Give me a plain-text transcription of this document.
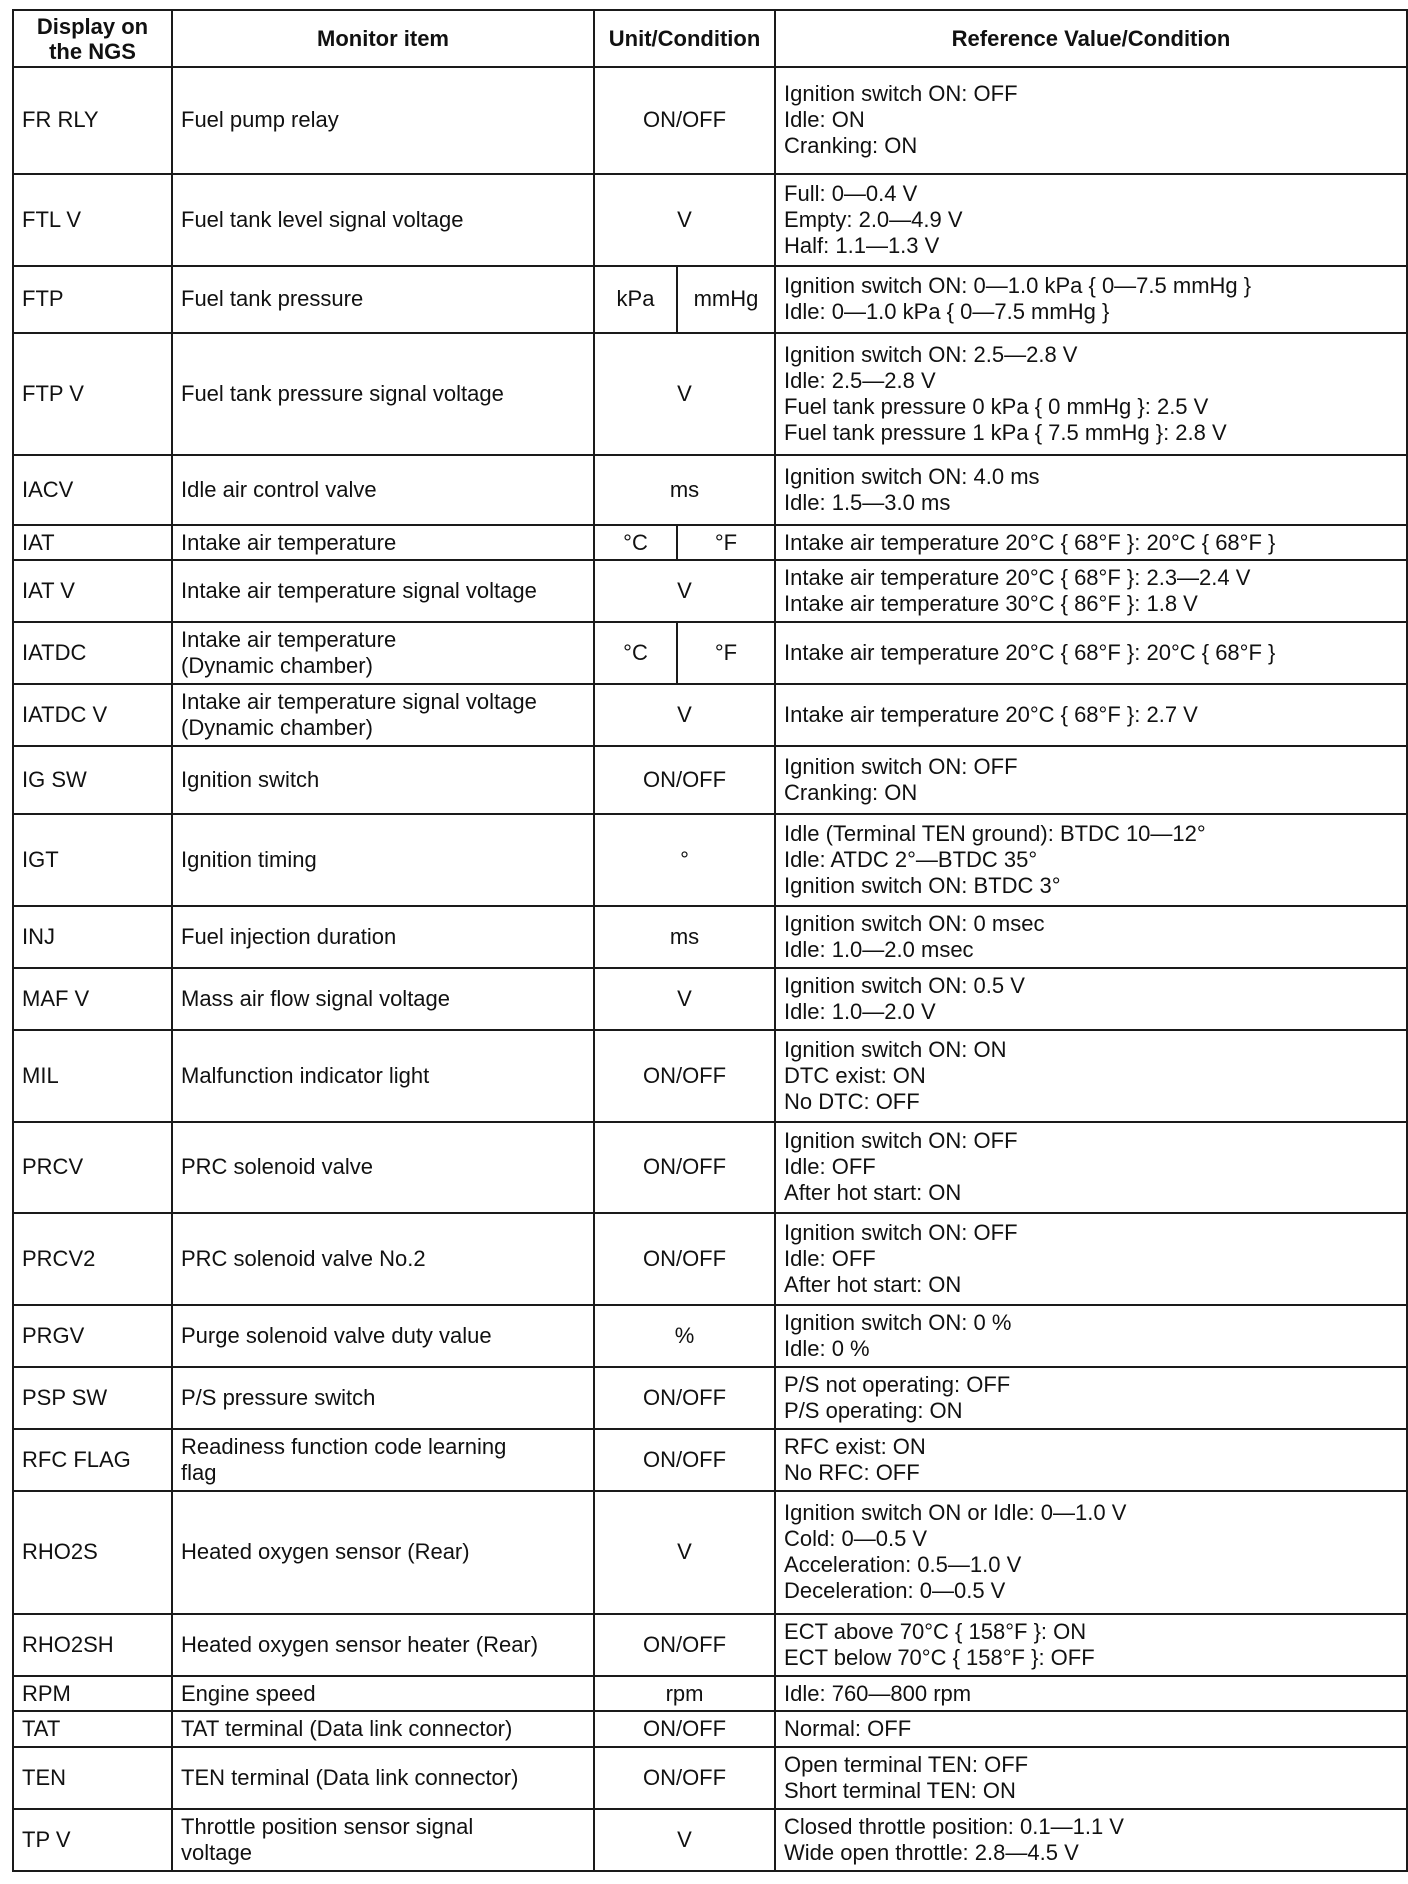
Display on the NGS	Monitor item	Unit/Condition		Reference Value/Condition
FR RLY	Fuel pump relay	ON/OFF		Ignition switch ON: OFF
Idle: ON
Cranking: ON

FTL V	Fuel tank level signal voltage	V		Full: 0—0.4 V
Empty: 2.0—4.9 V
Half: 1.1—1.3 V

FTP	Fuel tank pressure	kPa	mmHg	Ignition switch ON: 0—1.0 kPa { 0—7.5 mmHg }
Idle: 0—1.0 kPa { 0—7.5 mmHg }

FTP V	Fuel tank pressure signal voltage	V		Ignition switch ON: 2.5—2.8 V
Idle: 2.5—2.8 V
Fuel tank pressure 0 kPa { 0 mmHg }: 2.5 V
Fuel tank pressure 1 kPa { 7.5 mmHg }: 2.8 V

IACV	Idle air control valve	ms		Ignition switch ON: 4.0 ms
Idle: 1.5—3.0 ms

IAT	Intake air temperature	°C	°F	Intake air temperature 20°C { 68°F }: 20°C { 68°F }

IAT V	Intake air temperature signal voltage	V		Intake air temperature 20°C { 68°F }: 2.3—2.4 V
Intake air temperature 30°C { 86°F }: 1.8 V

IATDC	Intake air temperature
(Dynamic chamber)	°C	°F	Intake air temperature 20°C { 68°F }: 20°C { 68°F }

IATDC V	Intake air temperature signal voltage
(Dynamic chamber)	V		Intake air temperature 20°C { 68°F }: 2.7 V

IG SW	Ignition switch	ON/OFF		Ignition switch ON: OFF
Cranking: ON

IGT	Ignition timing	°		Idle (Terminal TEN ground): BTDC 10—12°
Idle: ATDC 2°—BTDC 35°
Ignition switch ON: BTDC 3°

INJ	Fuel injection duration	ms		Ignition switch ON: 0 msec
Idle: 1.0—2.0 msec

MAF V	Mass air flow signal voltage	V		Ignition switch ON: 0.5 V
Idle: 1.0—2.0 V

MIL	Malfunction indicator light	ON/OFF		Ignition switch ON: ON
DTC exist: ON
No DTC: OFF

PRCV	PRC solenoid valve	ON/OFF		Ignition switch ON: OFF
Idle: OFF
After hot start: ON

PRCV2	PRC solenoid valve No.2	ON/OFF		Ignition switch ON: OFF
Idle: OFF
After hot start: ON

PRGV	Purge solenoid valve duty value	%		Ignition switch ON: 0 %
Idle: 0 %

PSP SW	P/S pressure switch	ON/OFF		P/S not operating: OFF
P/S operating: ON

RFC FLAG	Readiness function code learning
flag	ON/OFF		RFC exist: ON
No RFC: OFF

RHO2S	Heated oxygen sensor (Rear)	V		Ignition switch ON or Idle: 0—1.0 V
Cold: 0—0.5 V
Acceleration: 0.5—1.0 V
Deceleration: 0—0.5 V

RHO2SH	Heated oxygen sensor heater (Rear)	ON/OFF		ECT above 70°C { 158°F }: ON
ECT below 70°C { 158°F }: OFF

RPM	Engine speed	rpm		Idle: 760—800 rpm

TAT	TAT terminal (Data link connector)	ON/OFF		Normal: OFF

TEN	TEN terminal (Data link connector)	ON/OFF		Open terminal TEN: OFF
Short terminal TEN: ON

TP V	Throttle position sensor signal
voltage	V		Closed throttle position: 0.1—1.1 V
Wide open throttle: 2.8—4.5 V
